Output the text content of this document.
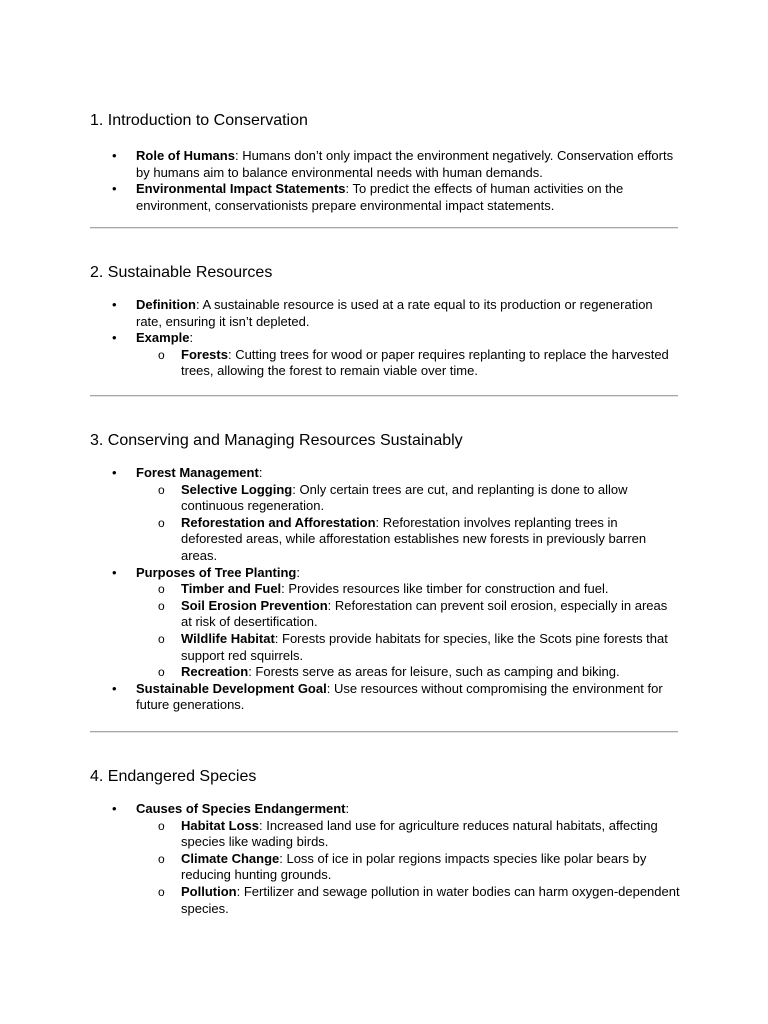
1. Introduction to Conservation
• Role of Humans: Humans don’t only impact the environment negatively. Conservation efforts by humans aim to balance environmental needs with human demands.
• Environmental Impact Statements: To predict the effects of human activities on the environment, conservationists prepare environmental impact statements.
2. Sustainable Resources
• Definition: A sustainable resource is used at a rate equal to its production or regeneration rate, ensuring it isn’t depleted.
• Example:
o Forests: Cutting trees for wood or paper requires replanting to replace the harvested trees, allowing the forest to remain viable over time.
3. Conserving and Managing Resources Sustainably
• Forest Management:
o Selective Logging: Only certain trees are cut, and replanting is done to allow continuous regeneration.
o Reforestation and Afforestation: Reforestation involves replanting trees in deforested areas, while afforestation establishes new forests in previously barren areas.
• Purposes of Tree Planting:
o Timber and Fuel: Provides resources like timber for construction and fuel.
o Soil Erosion Prevention: Reforestation can prevent soil erosion, especially in areas at risk of desertification.
o Wildlife Habitat: Forests provide habitats for species, like the Scots pine forests that support red squirrels.
o Recreation: Forests serve as areas for leisure, such as camping and biking.
• Sustainable Development Goal: Use resources without compromising the environment for future generations.
4. Endangered Species
• Causes of Species Endangerment:
o Habitat Loss: Increased land use for agriculture reduces natural habitats, affecting species like wading birds.
o Climate Change: Loss of ice in polar regions impacts species like polar bears by reducing hunting grounds.
o Pollution: Fertilizer and sewage pollution in water bodies can harm oxygen-dependent species.
